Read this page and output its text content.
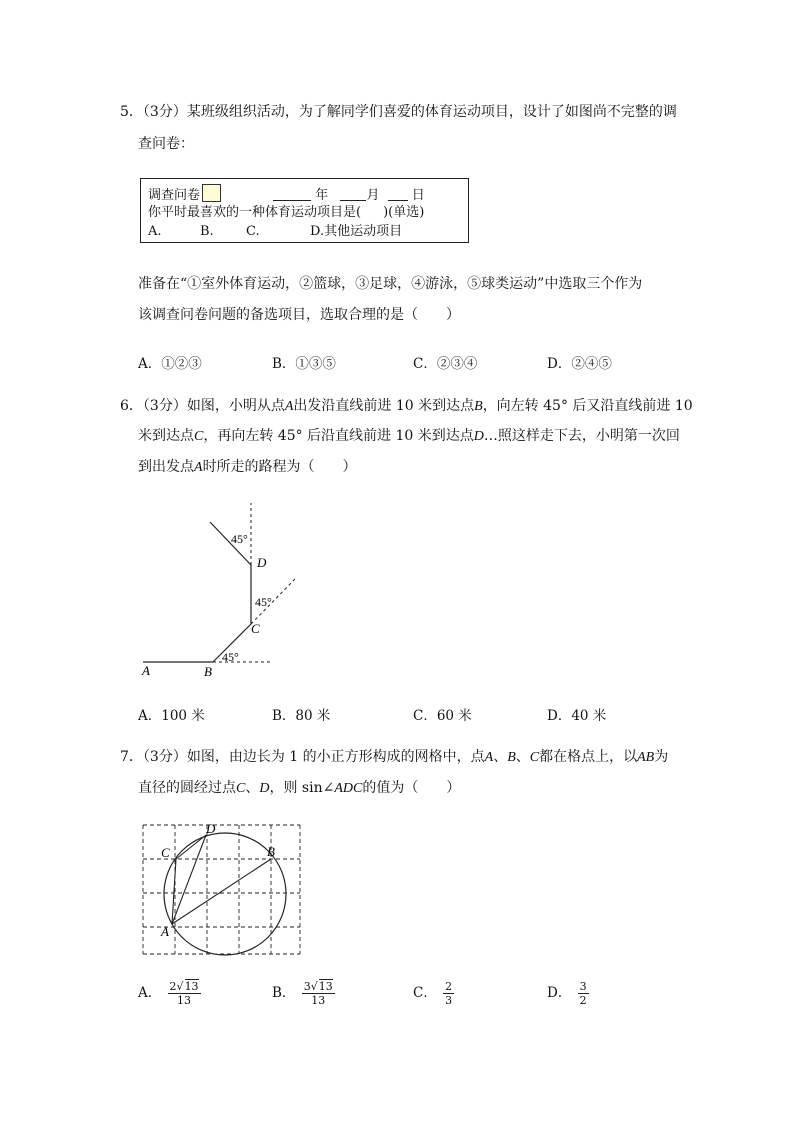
5．（3分）某班级组织活动，为了解同学们喜爱的体育运动项目，设计了如图尚不完整的调
查问卷：
调查问卷	年	月 日
你平时最喜欢的一种体育运动项目是( )(单选)
A.	B. C.	D.其他运动项目
准备在“①室外体育运动，②篮球，③足球，④游泳，⑤球类运动”中选取三个作为
该调查问卷问题的备选项目，选取合理的是（　　）
A．①②③	B．①③⑤	C．②③④	D．②④⑤
6．（3分）如图，小明从点A出发沿直线前进 10 米到达点B，向左转 45° 后又沿直线前进 10
米到达点C，再向左转 45° 后沿直线前进 10 米到达点D…照这样走下去，小明第一次回
到出发点A时所走的路程为（　　）
45°
45°
45°
D
C
B
A
A．100 米	B．80 米	C．60 米	D．40 米
7．（3分）如图，由边长为 1 的小正方形构成的网格中，点A、B、C都在格点上，以AB为
直径的圆经过点C、D，则 sin∠ADC的值为（　　）
D
C	B
A
A． $\frac{2√13}{13}$	B． $\frac{3√13}{13}$	C． $\frac{2}{3}$	D． $\frac{3}{2}$
